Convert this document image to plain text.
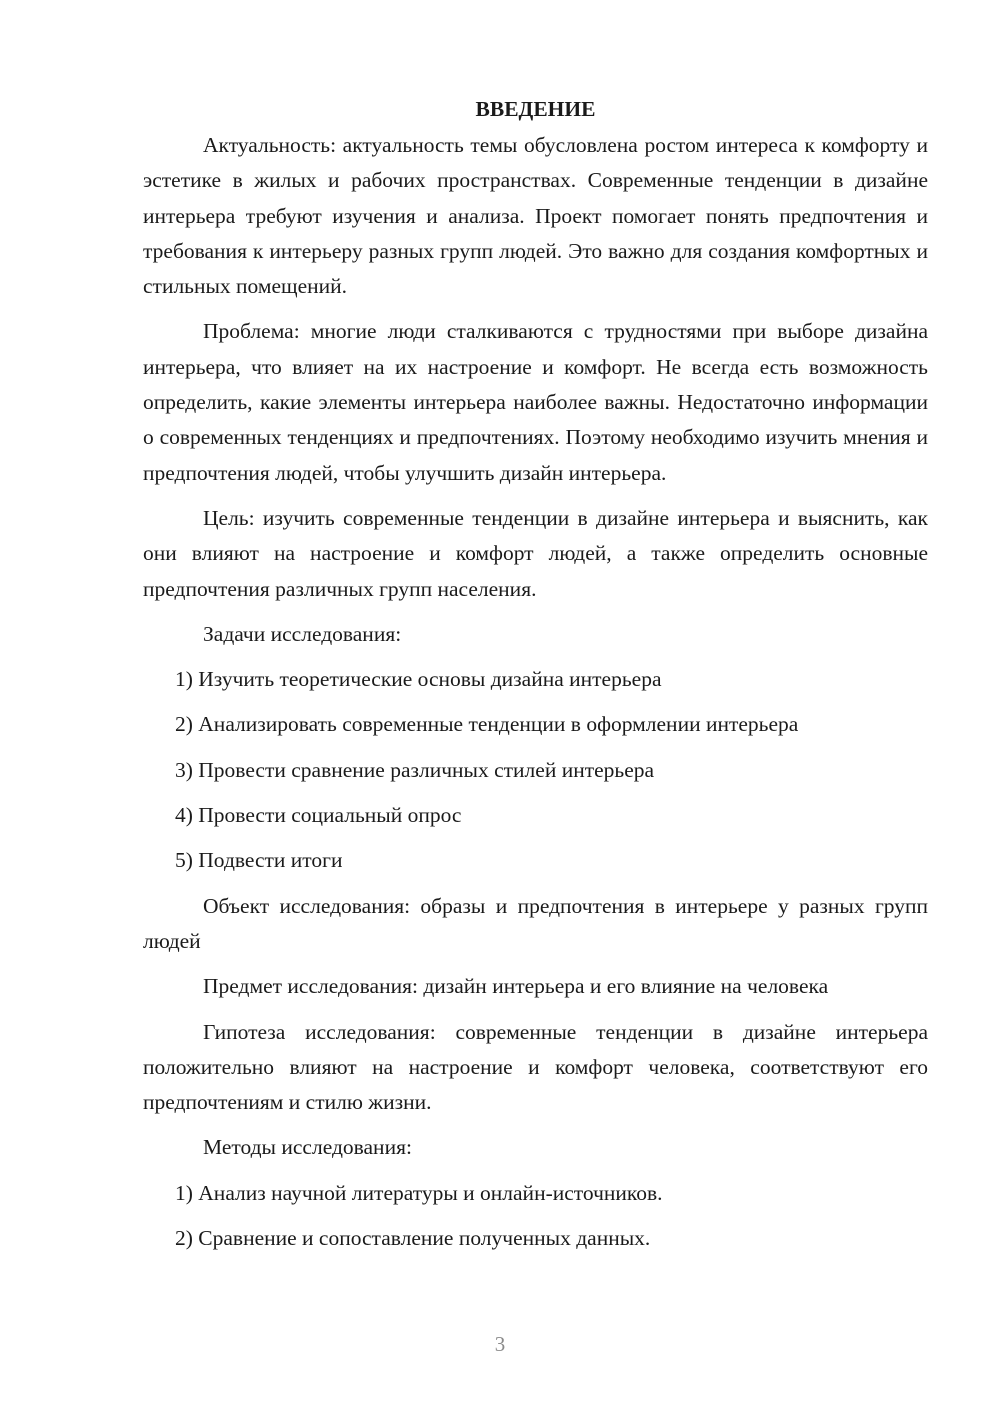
ВВЕДЕНИЕ

Актуальность: актуальность темы обусловлена ростом интереса к комфорту и эстетике в жилых и рабочих пространствах. Современные тенденции в дизайне интерьера требуют изучения и анализа. Проект помогает понять предпочтения и требования к интерьеру разных групп людей. Это важно для создания комфортных и стильных помещений.

Проблема: многие люди сталкиваются с трудностями при выборе дизайна интерьера, что влияет на их настроение и комфорт. Не всегда есть возможность определить, какие элементы интерьера наиболее важны. Недостаточно информации о современных тенденциях и предпочтениях. Поэтому необходимо изучить мнения и предпочтения людей, чтобы улучшить дизайн интерьера.

Цель: изучить современные тенденции в дизайне интерьера и выяснить, как они влияют на настроение и комфорт людей, а также определить основные предпочтения различных групп населения.

Задачи исследования:

1) Изучить теоретические основы дизайна интерьера
2) Анализировать современные тенденции в оформлении интерьера
3) Провести сравнение различных стилей интерьера
4) Провести социальный опрос
5) Подвести итоги

Объект исследования: образы и предпочтения в интерьере у разных групп людей

Предмет исследования: дизайн интерьера и его влияние на человека

Гипотеза исследования: современные тенденции в дизайне интерьера положительно влияют на настроение и комфорт человека, соответствуют его предпочтениям и стилю жизни.

Методы исследования:

1) Анализ научной литературы и онлайн-источников.
2) Сравнение и сопоставление полученных данных.
3
